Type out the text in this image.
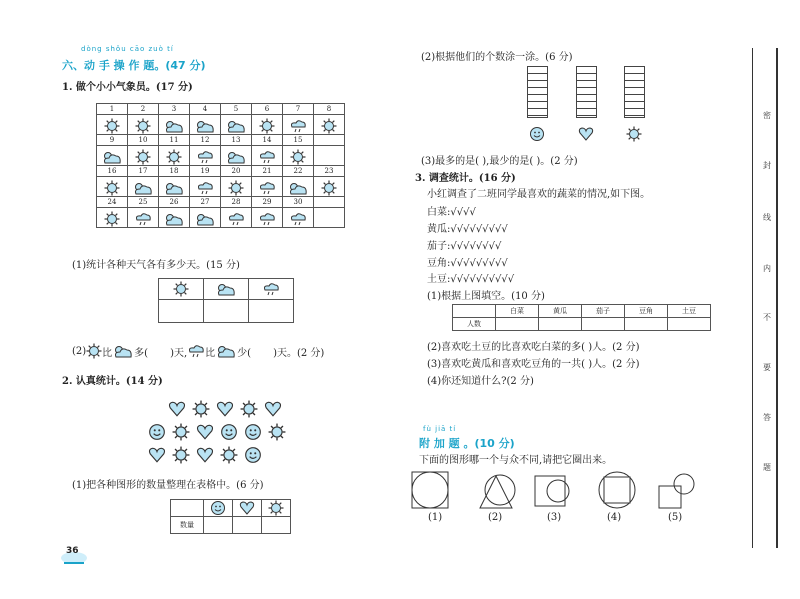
dòng shǒu cāo zuò tí
六、动 手 操 作 题。(47 分)
1. 做个小小气象员。(17 分)
1	2	3	4	5	6	7	8

9	10	11	12	13	14	15	

16	17	18	19	20	21	22	23

24	25	26	27	28	29	30	

(1)统计各种天气各有多少天。(15 分)

(2) 比 多( )天, 比 少( )天。(2 分)
2. 认真统计。(14 分)
(1)把各种图形的数量整理在表格中。(6 分)

数量			
36
(2)根据他们的个数涂一涂。(6 分)
(3)最多的是( ),最少的是( )。(2 分)
3. 调查统计。(16 分)
小红调查了二班同学最喜欢的蔬菜的情况,如下图。
白菜:√√√√
黄瓜:√√√√√√√√√
茄子:√√√√√√√√
豆角:√√√√√√√√√
土豆:√√√√√√√√√√
(1)根据上图填空。(10 分)
	白菜	黄瓜	茄子	豆角	土豆
人数					
(2)喜欢吃土豆的比喜欢吃白菜的多( )人。(2 分)
(3)喜欢吃黄瓜和喜欢吃豆角的一共( )人。(2 分)
(4)你还知道什么?(2 分)
fù jiā tí
附 加 题 。(10 分)
下面的图形哪一个与众不同,请把它圈出来。
(1)	(2)	(3)	(4)	(5)
密
封
线
内
不
要
答
题
